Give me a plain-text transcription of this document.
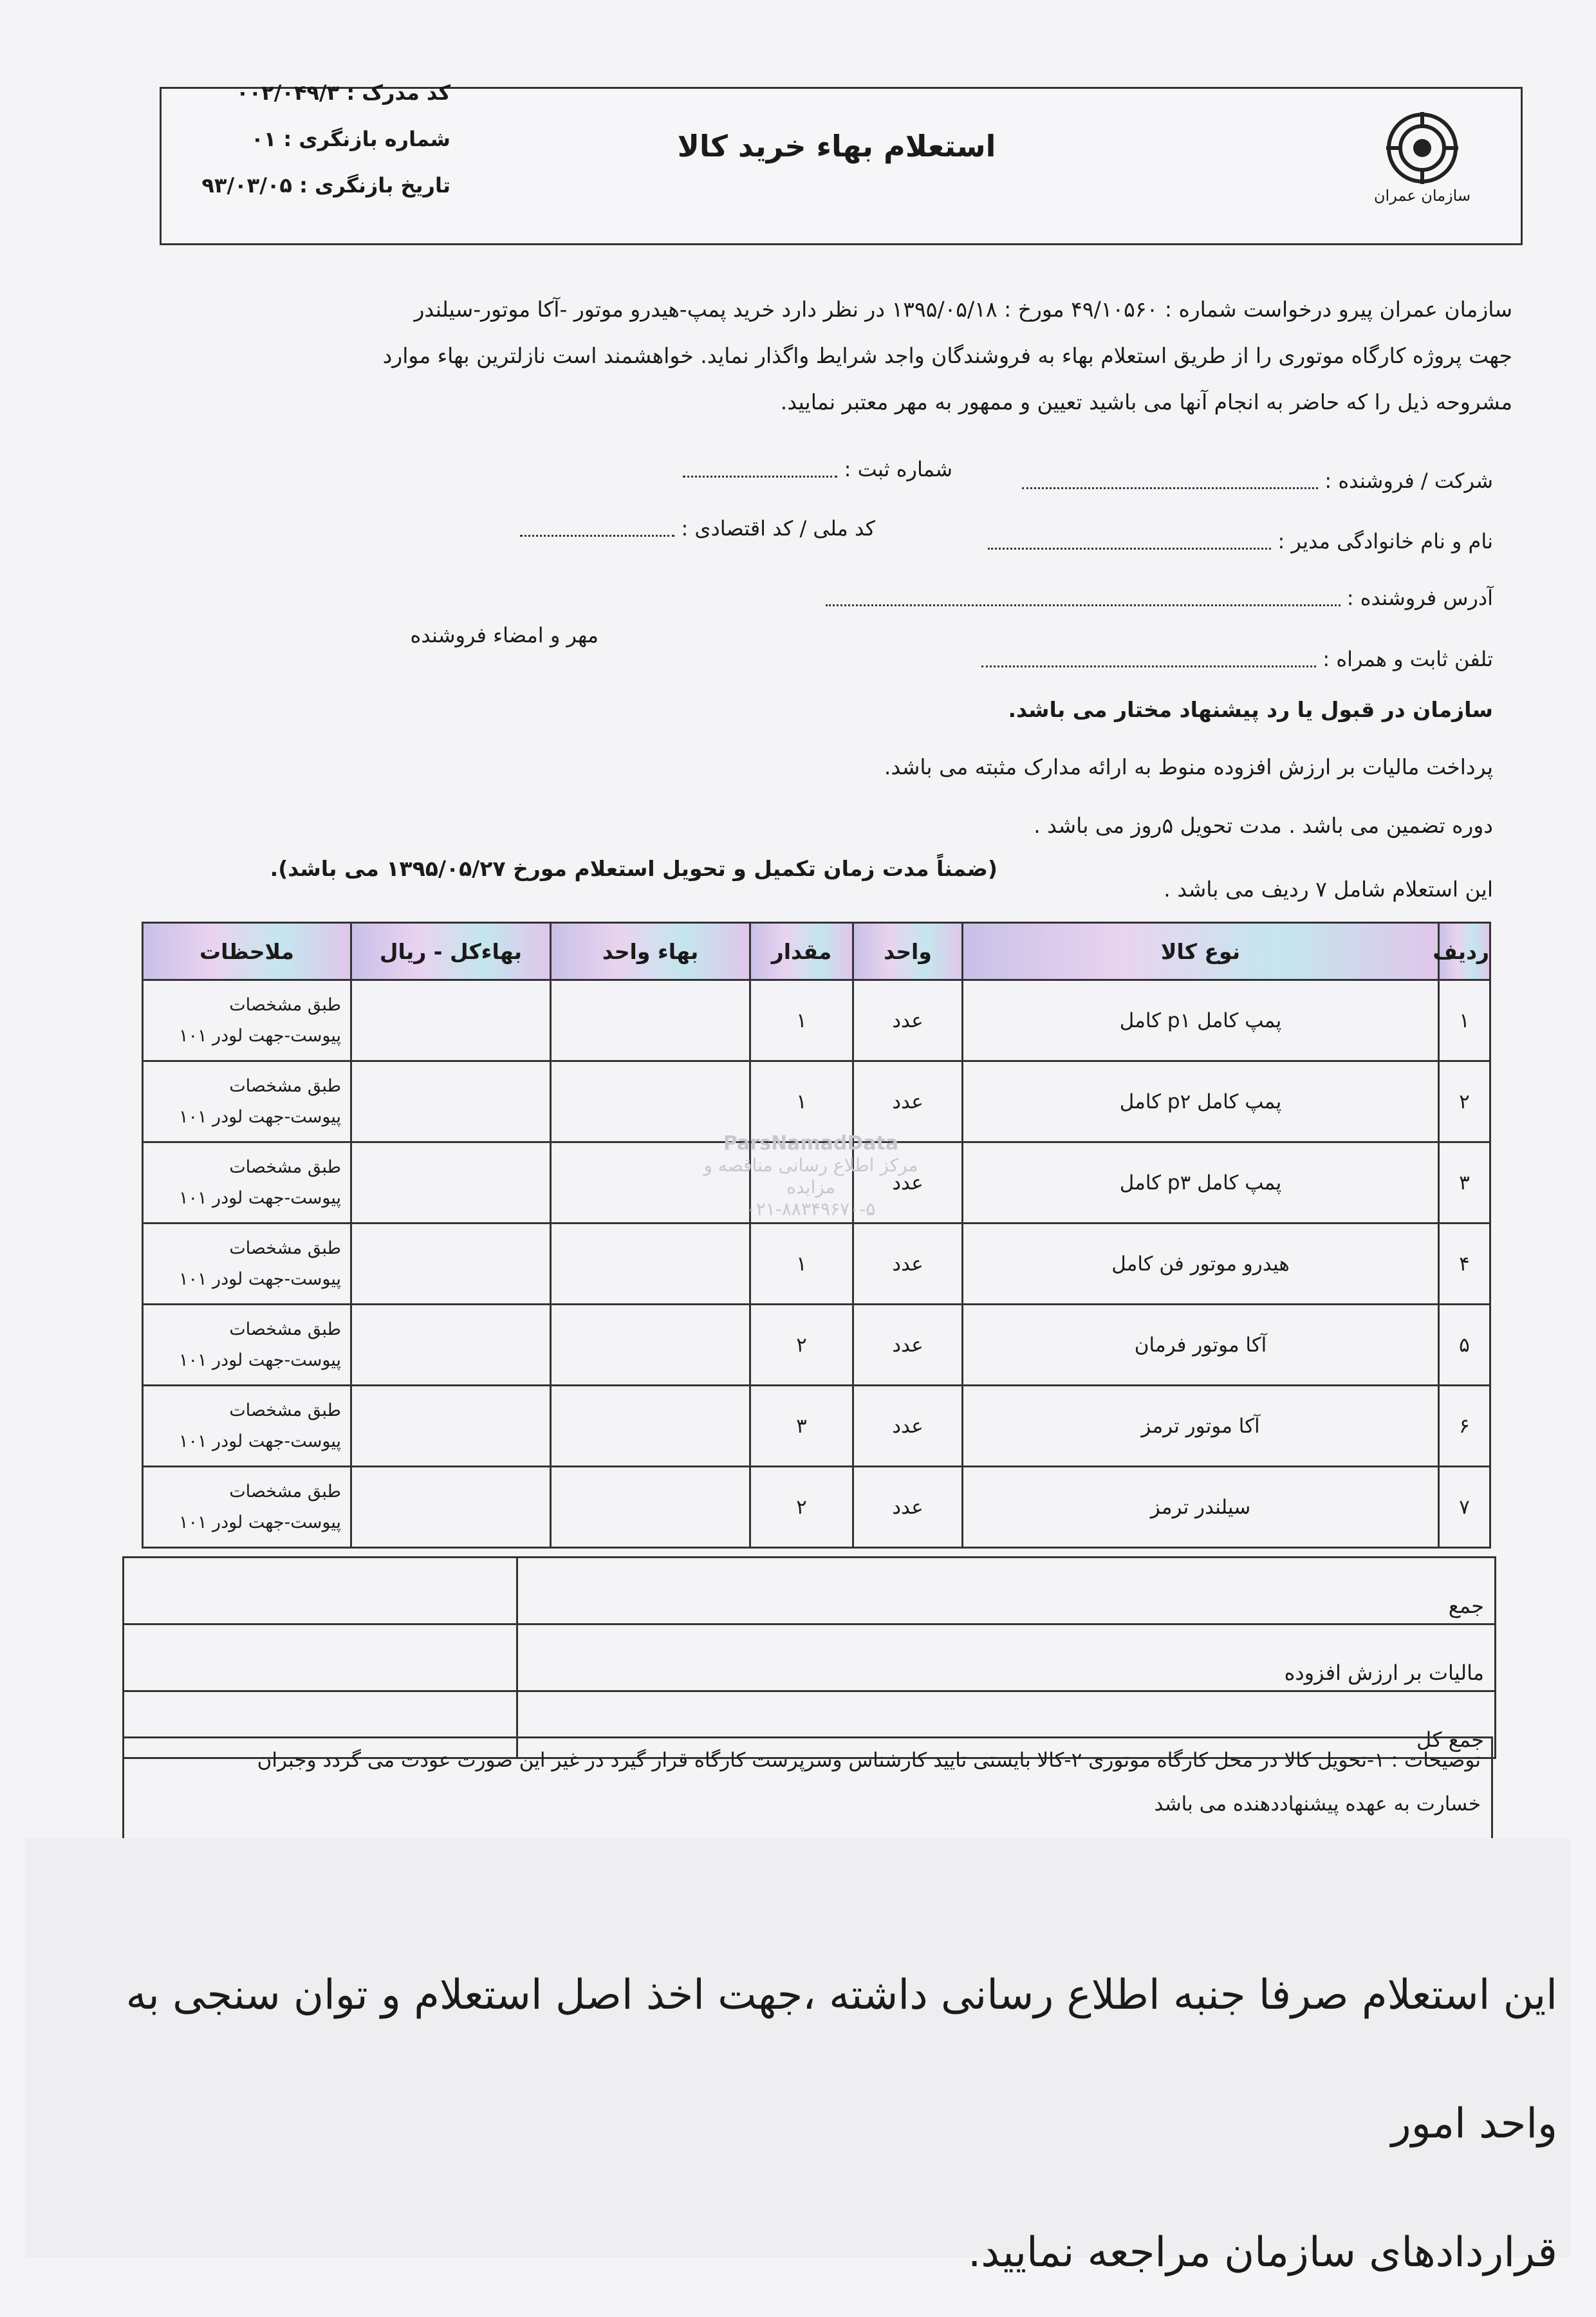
سازمان عمران
استعلام بهاء خرید کالا
کد مدرک : ۰۰۲/۰۴۹/۳
شماره بازنگری : ۰۱
تاریخ بازنگری : ۹۳/۰۳/۰۵
سازمان عمران پیرو درخواست شماره : ۴۹/۱۰۵۶۰ مورخ : ۱۳۹۵/۰۵/۱۸ در نظر دارد خرید پمپ-هیدرو موتور -آکا موتور-سیلندر
جهت پروژه کارگاه موتوری را از طریق استعلام بهاء به فروشندگان واجد شرایط واگذار نماید. خواهشمند است نازلترین بهاء موارد
مشروحه ذیل را که حاضر به انجام آنها می باشید تعیین و ممهور به مهر معتبر نمایید.
شرکت / فروشنده :
شماره ثبت :
نام و نام خانوادگی مدیر :
کد ملی / کد اقتصادی :
آدرس فروشنده :
مهر و امضاء فروشنده
تلفن ثابت و همراه :
سازمان در قبول یا رد پیشنهاد مختار می باشد.
پرداخت مالیات بر ارزش افزوده منوط به ارائه مدارک مثبته می باشد.
دوره تضمین می باشد . مدت تحویل ۵روز می باشد .
این استعلام شامل ۷ ردیف می باشد .
(ضمناً مدت زمان تکمیل و تحویل استعلام مورخ ۱۳۹۵/۰۵/۲۷ می باشد).
ردیف	نوع کالا	واحد	مقدار	بهاء واحد	بهاءکل - ریال	ملاحظات
۱	پمپ کامل p۱ کامل	عدد	۱			طبق مشخصات
پیوست-جهت لودر ۱۰۱

۲	پمپ کامل p۲ کامل	عدد	۱			طبق مشخصات
پیوست-جهت لودر ۱۰۱

۳	پمپ کامل p۳ کامل	عدد				طبق مشخصات
پیوست-جهت لودر ۱۰۱

۴	هیدرو موتور فن کامل	عدد	۱			طبق مشخصات
پیوست-جهت لودر ۱۰۱

۵	آکا موتور فرمان	عدد	۲			طبق مشخصات
پیوست-جهت لودر ۱۰۱

۶	آکا موتور ترمز	عدد	۳			طبق مشخصات
پیوست-جهت لودر ۱۰۱

۷	سیلندر ترمز	عدد	۲			طبق مشخصات
پیوست-جهت لودر ۱۰۱
ParsNamadData
مرکز اطلاع رسانی مناقصه و مزایده
۰۲۱-۸۸۳۴۹۶۷۰-۵
جمع	
مالیات بر ارزش افزوده	
جمع کل	
توضیحات : ۱-تحویل کالا در محل کارگاه موتوری ۲-کالا بایستی تایید کارشناس وسرپرست کارگاه قرار گیرد در غیر این صورت عودت می گردد وجبران
خسارت به عهده پیشنهاددهنده می باشد
این استعلام صرفا جنبه اطلاع رسانی داشته ،جهت اخذ اصل استعلام و توان سنجی به واحد امور
قراردادهای سازمان مراجعه نمایید.
